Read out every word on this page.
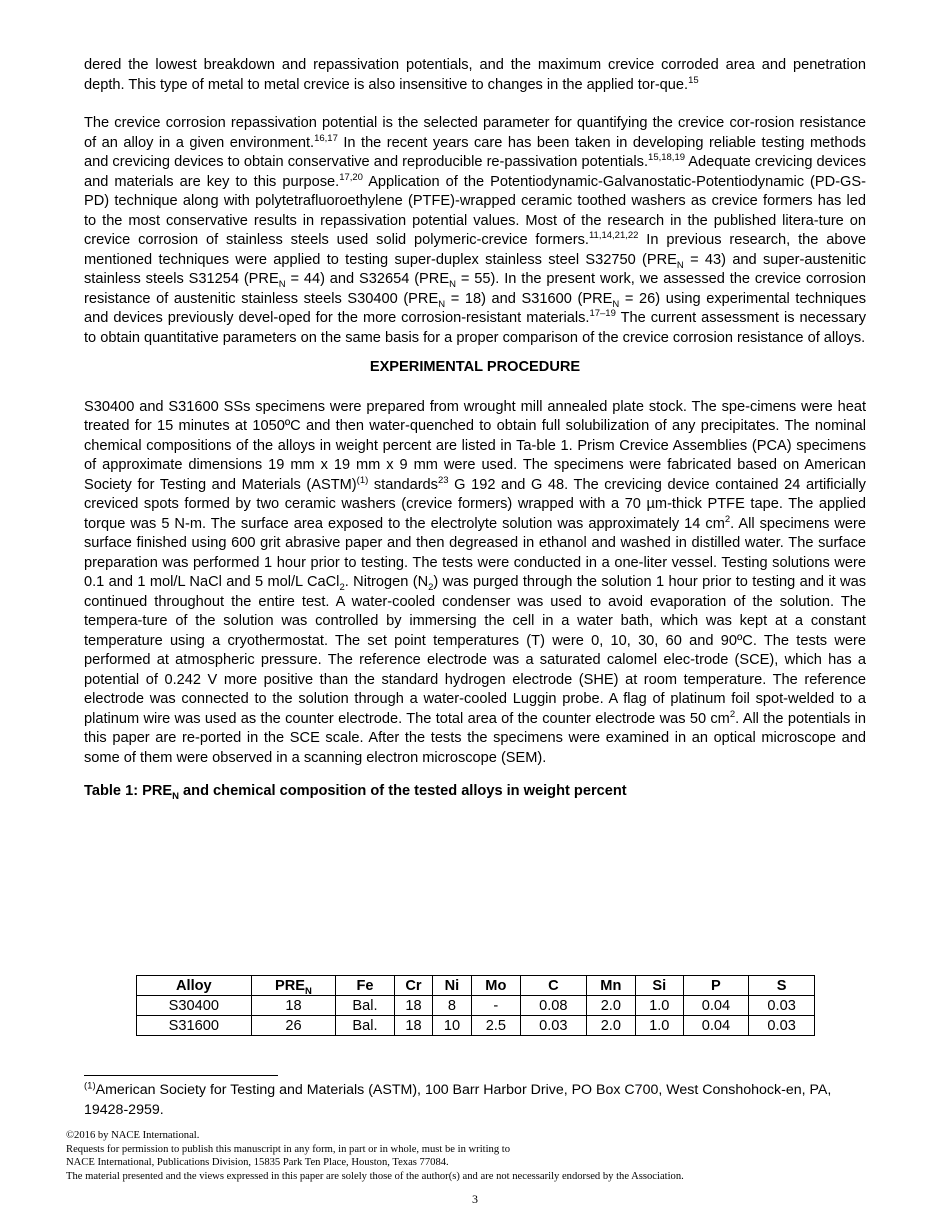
dered the lowest breakdown and repassivation potentials, and the maximum crevice corroded area and penetration depth. This type of metal to metal crevice is also insensitive to changes in the applied tor-que.$^{15}$

The crevice corrosion repassivation potential is the selected parameter for quantifying the crevice cor-rosion resistance of an alloy in a given environment.$^{16,17}$ In the recent years care has been taken in developing reliable testing methods and crevicing devices to obtain conservative and reproducible re-passivation potentials.$^{15,18,19}$ Adequate crevicing devices and materials are key to this purpose.$^{17,20}$ Application of the Potentiodynamic-Galvanostatic-Potentiodynamic (PD-GS-PD) technique along with polytetrafluoroethylene (PTFE)-wrapped ceramic toothed washers as crevice formers has led to the most conservative results in repassivation potential values. Most of the research in the published litera-ture on crevice corrosion of stainless steels used solid polymeric-crevice formers.$^{11,14,21,22}$ In previous research, the above mentioned techniques were applied to testing super-duplex stainless steel S32750 $(PRE_N = 43)$ and super-austenitic stainless steels S31254 $(PRE_N = 44)$ and S32654 $(PRE_N = 55)$. In the present work, we assessed the crevice corrosion resistance of austenitic stainless steels S30400 $(PRE_N = 18)$ and S31600 $(PRE_N = 26)$ using experimental techniques and devices previously devel-oped for the more corrosion-resistant materials.$^{17-19}$ The current assessment is necessary to obtain quantitative parameters on the same basis for a proper comparison of the crevice corrosion resistance of alloys.

EXPERIMENTAL PROCEDURE

S30400 and S31600 SSs specimens were prepared from wrought mill annealed plate stock. The spe-cimens were heat treated for 15 minutes at 1050ºC and then water-quenched to obtain full solubilization of any precipitates. The nominal chemical compositions of the alloys in weight percent are listed in Ta-ble 1. Prism Crevice Assemblies (PCA) specimens of approximate dimensions 19 mm x 19 mm x 9 mm were used. The specimens were fabricated based on American Society for Testing and Materials (ASTM)$^{(1)}$ standards$^{23}$ G 192 and G 48. The crevicing device contained 24 artificially creviced spots formed by two ceramic washers (crevice formers) wrapped with a 70 µm-thick PTFE tape. The applied torque was 5 N-m. The surface area exposed to the electrolyte solution was approximately 14 $cm^2$. All specimens were surface finished using 600 grit abrasive paper and then degreased in ethanol and washed in distilled water. The surface preparation was performed 1 hour prior to testing. The tests were conducted in a one-liter vessel. Testing solutions were 0.1 and 1 mol/L NaCl and 5 mol/L CaCl$_2$. Nitrogen $(N_2)$ was purged through the solution 1 hour prior to testing and it was continued throughout the entire test. A water-cooled condenser was used to avoid evaporation of the solution. The tempera-ture of the solution was controlled by immersing the cell in a water bath, which was kept at a constant temperature using a cryothermostat. The set point temperatures (T) were 0, 10, 30, 60 and 90ºC. The tests were performed at atmospheric pressure. The reference electrode was a saturated calomel elec-trode (SCE), which has a potential of 0.242 V more positive than the standard hydrogen electrode (SHE) at room temperature. The reference electrode was connected to the solution through a water-cooled Luggin probe. A flag of platinum foil spot-welded to a platinum wire was used as the counter electrode. The total area of the counter electrode was 50 $cm^2$. All the potentials in this paper are re-ported in the SCE scale. After the tests the specimens were examined in an optical microscope and some of them were observed in a scanning electron microscope (SEM).

Table 1: $PRE_N$ and chemical composition of the tested alloys in weight percent

Alloy	$PRE_N$	Fe	Cr	Ni	Mo	C	Mn	Si	P	S
S30400	18	Bal.	18	8	-	0.08	2.0	1.0	0.04	0.03
S31600	26	Bal.	18	10	2.5	0.03	2.0	1.0	0.04	0.03
$^{(1)}$American Society for Testing and Materials (ASTM), 100 Barr Harbor Drive, PO Box C700, West Conshohock-en, PA, 19428-2959.
©2016 by NACE International.
Requests for permission to publish this manuscript in any form, in part or in whole, must be in writing to
NACE International, Publications Division, 15835 Park Ten Place, Houston, Texas 77084.
The material presented and the views expressed in this paper are solely those of the author(s) and are not necessarily endorsed by the Association.
3
